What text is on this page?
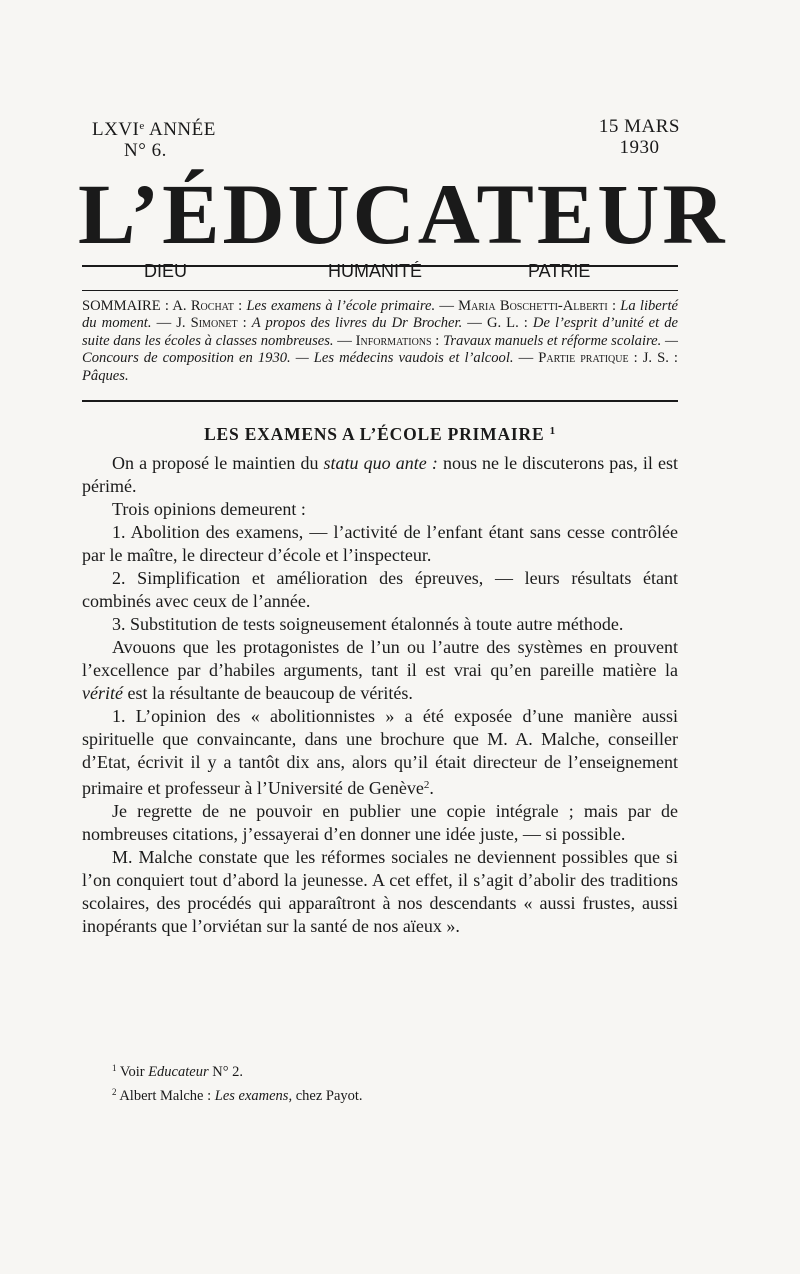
LXVIe ANNÉE
N° 6.
15 MARS
1930
L’ÉDUCATEUR
DIEU	HUMANITÉ	PATRIE
SOMMAIRE : A. Rochat : Les examens à l’école primaire. — Maria Boschetti-Alberti : La liberté du moment. — J. Simonet : A propos des livres du Dr Brocher. — G. L. : De l’esprit d’unité et de suite dans les écoles à classes nombreuses. — Informations : Travaux manuels et réforme scolaire. — Concours de composition en 1930. — Les médecins vaudois et l’alcool. — Partie pratique : J. S. : Pâques.
LES EXAMENS A L’ÉCOLE PRIMAIRE $^1$

On a proposé le maintien du statu quo ante : nous ne le discuterons pas, il est périmé.

Trois opinions demeurent :

1. Abolition des examens, — l’activité de l’enfant étant sans cesse contrôlée par le maître, le directeur d’école et l’inspecteur.

2. Simplification et amélioration des épreuves, — leurs résultats étant combinés avec ceux de l’année.

3. Substitution de tests soigneusement étalonnés à toute autre méthode.

Avouons que les protagonistes de l’un ou l’autre des systèmes en prouvent l’excellence par d’habiles arguments, tant il est vrai qu’en pareille matière la vérité est la résultante de beaucoup de vérités.

1. L’opinion des « abolitionnistes » a été exposée d’une manière aussi spirituelle que convaincante, dans une brochure que M. A. Malche, conseiller d’Etat, écrivit il y a tantôt dix ans, alors qu’il était directeur de l’enseignement primaire et professeur à l’Université de Genève$^2$.

Je regrette de ne pouvoir en publier une copie intégrale ; mais par de nombreuses citations, j’essayerai d’en donner une idée juste, — si possible.

M. Malche constate que les réformes sociales ne deviennent possibles que si l’on conquiert tout d’abord la jeunesse. A cet effet, il s’agit d’abolir des traditions scolaires, des procédés qui apparaîtront à nos descendants « aussi frustes, aussi inopérants que l’orviétan sur la santé de nos aïeux ».

$^1$ Voir Educateur N° 2.
$^2$ Albert Malche : Les examens, chez Payot.
